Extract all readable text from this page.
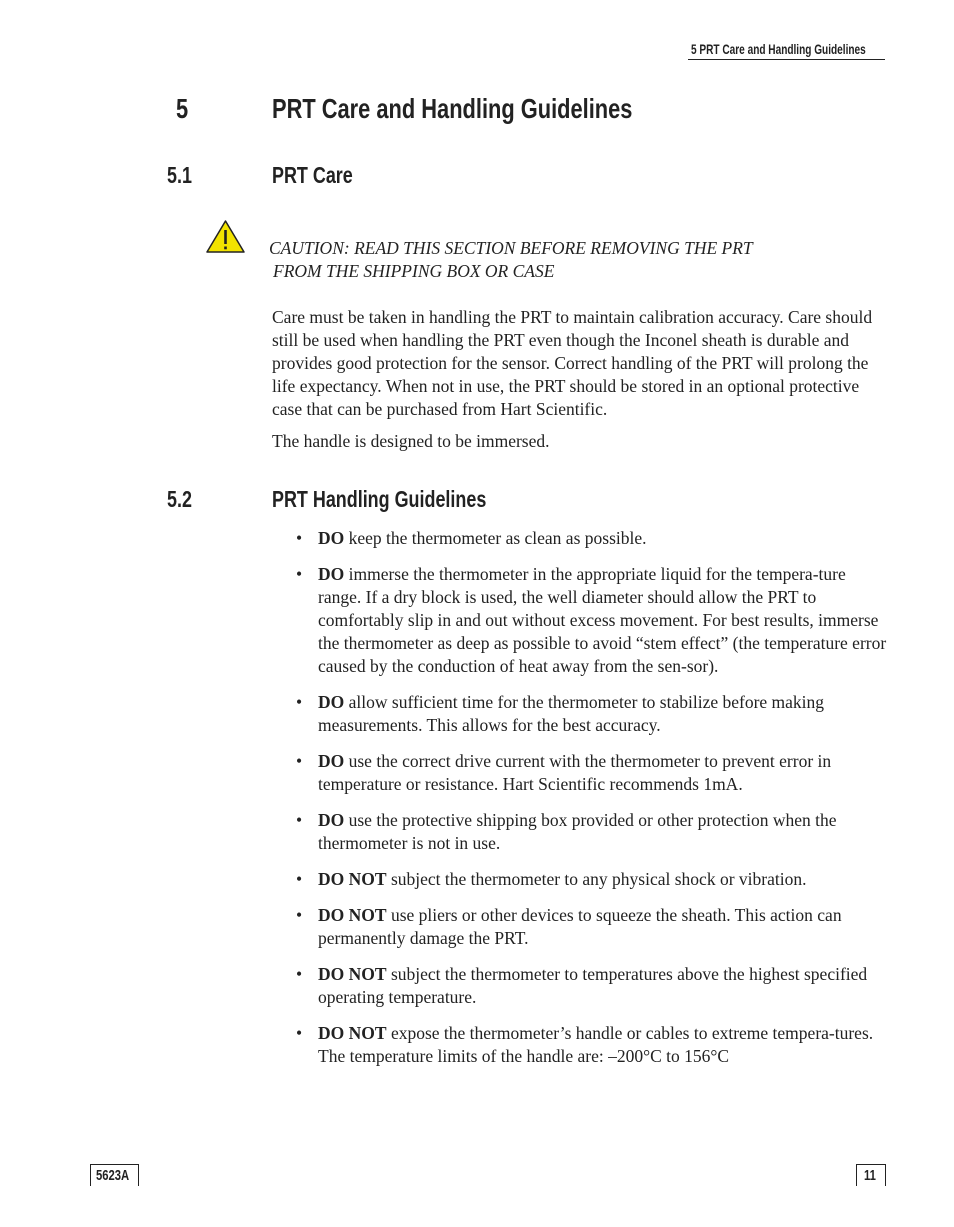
5 PRT Care and Handling Guidelines
5	PRT Care and Handling Guidelines
5.1	PRT Care

CAUTION: READ THIS SECTION BEFORE REMOVING THE PRT
FROM THE SHIPPING BOX OR CASE

Care must be taken in handling the PRT to maintain calibration accuracy. Care should still be used when handling the PRT even though the Inconel sheath is durable and provides good protection for the sensor. Correct handling of the PRT will prolong the life expectancy. When not in use, the PRT should be stored in an optional protective case that can be purchased from Hart Scientific.

The handle is designed to be immersed.

5.2	PRT Handling Guidelines
• DO keep the thermometer as clean as possible.
• DO immerse the thermometer in the appropriate liquid for the tempera-ture range. If a dry block is used, the well diameter should allow the PRT to comfortably slip in and out without excess movement. For best results, immerse the thermometer as deep as possible to avoid “stem effect” (the temperature error caused by the conduction of heat away from the sen-sor).
• DO allow sufficient time for the thermometer to stabilize before making measurements. This allows for the best accuracy.
• DO use the correct drive current with the thermometer to prevent error in temperature or resistance. Hart Scientific recommends 1mA.
• DO use the protective shipping box provided or other protection when the thermometer is not in use.
• DO NOT subject the thermometer to any physical shock or vibration.
• DO NOT use pliers or other devices to squeeze the sheath. This action can permanently damage the PRT.
• DO NOT subject the thermometer to temperatures above the highest specified operating temperature.
• DO NOT expose the thermometer’s handle or cables to extreme tempera-tures. The temperature limits of the handle are: –200°C to 156°C
5623A	11
